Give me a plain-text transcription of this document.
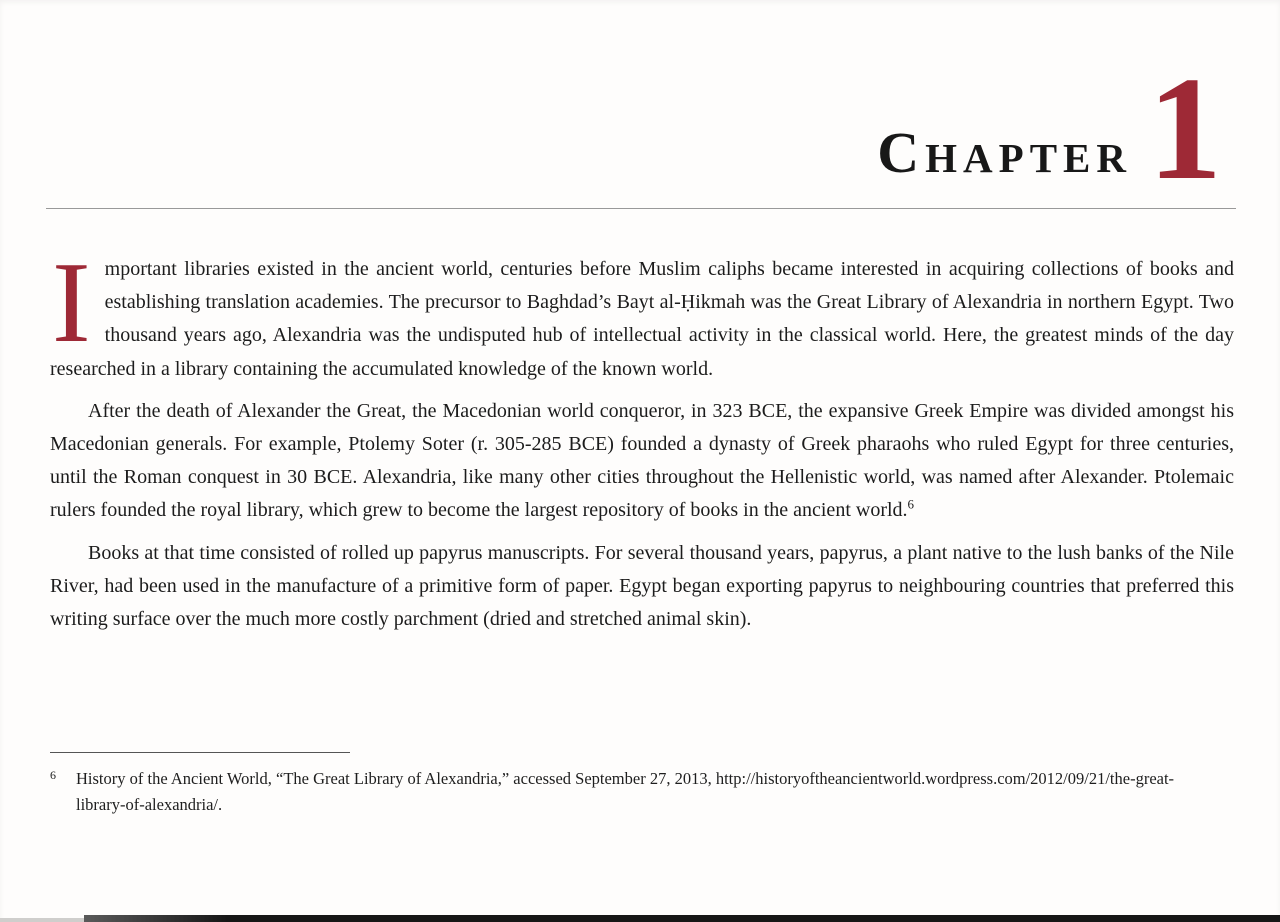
Chapter 1

Important libraries existed in the ancient world, centuries before Muslim caliphs became interested in acquiring collections of books and establishing translation academies. The precursor to Baghdad’s Bayt al-Ḥikmah was the Great Library of Alexandria in northern Egypt. Two thousand years ago, Alexandria was the undisputed hub of intellectual activity in the classical world. Here, the greatest minds of the day researched in a library containing the accumulated knowledge of the known world.

After the death of Alexander the Great, the Macedonian world conqueror, in 323 BCE, the expansive Greek Empire was divided amongst his Macedonian generals. For example, Ptolemy Soter (r. 305-285 BCE) founded a dynasty of Greek pharaohs who ruled Egypt for three centuries, until the Roman conquest in 30 BCE. Alexandria, like many other cities throughout the Hellenistic world, was named after Alexander. Ptolemaic rulers founded the royal library, which grew to become the largest repository of books in the ancient world.$^6$

Books at that time consisted of rolled up papyrus manuscripts. For several thousand years, papyrus, a plant native to the lush banks of the Nile River, had been used in the manufacture of a primitive form of paper. Egypt began exporting papyrus to neighbouring countries that preferred this writing surface over the much more costly parchment (dried and stretched animal skin).

6	History of the Ancient World, “The Great Library of Alexandria,” accessed September 27, 2013, http://historyoftheancientworld.wordpress.com/2012/09/21/the-great-library-of-alexandria/.
